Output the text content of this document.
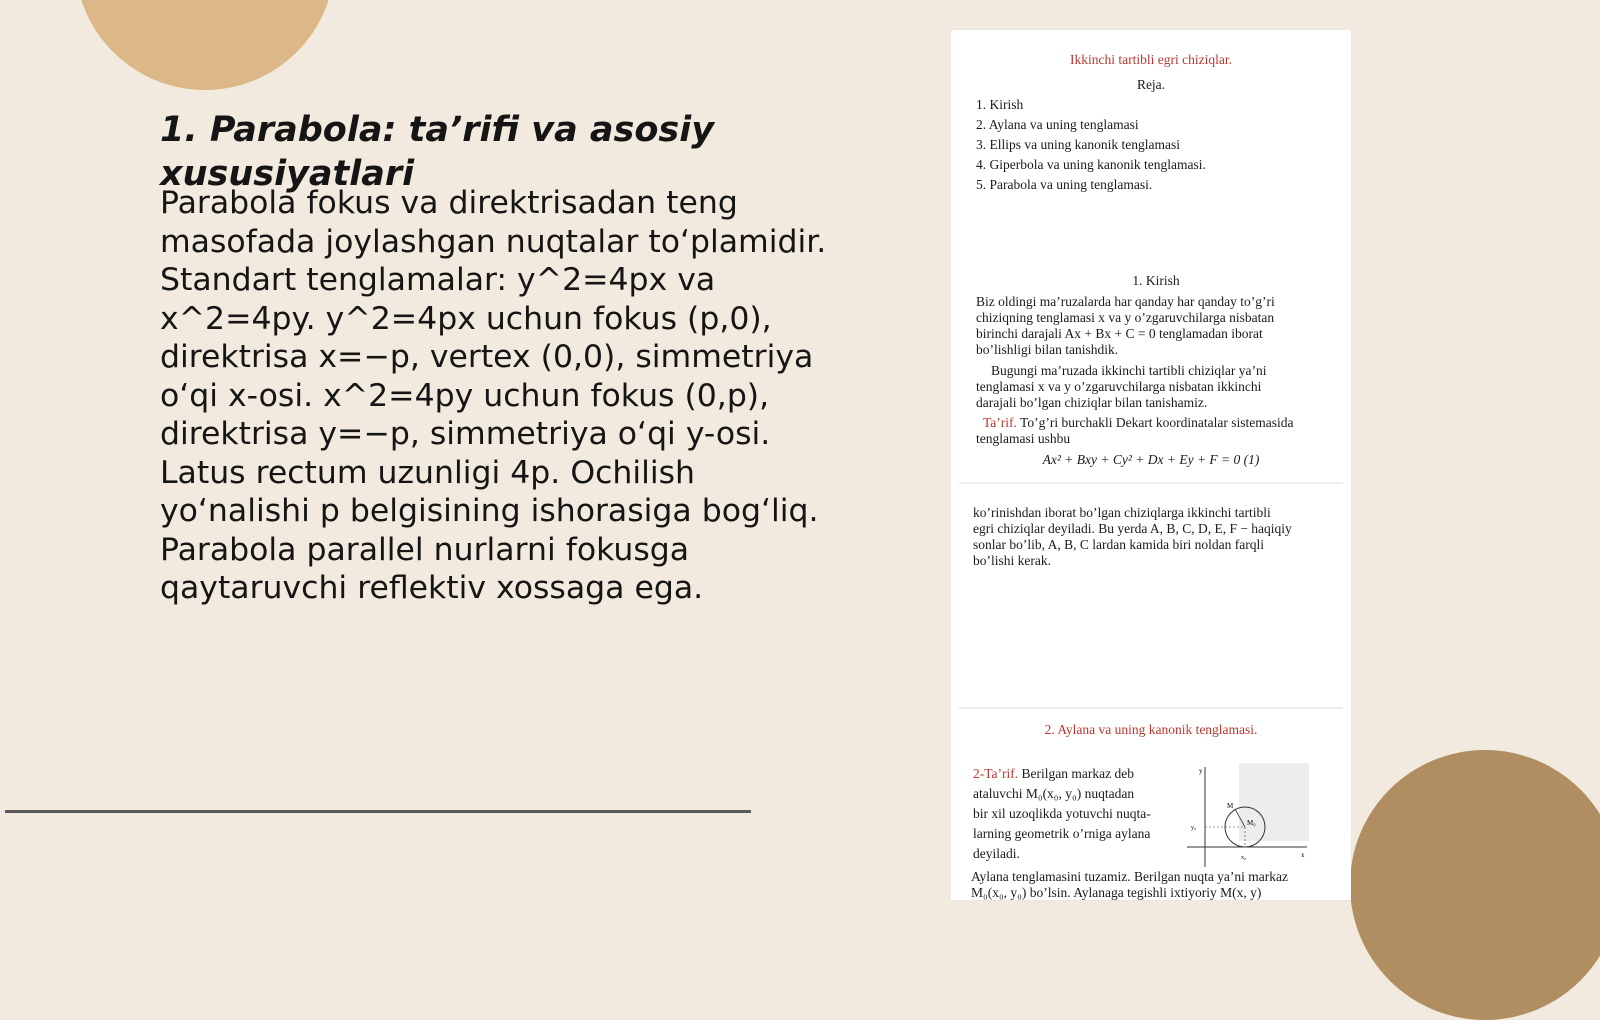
1. Parabola: ta’rifi va asosiy xususiyatlari

Parabola fokus va direktrisadan teng masofada joylashgan nuqtalar to‘plamidir. Standart tenglamalar: y^2=4px va x^2=4py. y^2=4px uchun fokus (p,0), direktrisa x=−p, vertex (0,0), simmetriya o‘qi x-osi. x^2=4py uchun fokus (0,p), direktrisa y=−p, simmetriya o‘qi y-osi. Latus rectum uzunligi 4p. Ochilish yo‘nalishi p belgisining ishorasiga bog‘liq. Parabola parallel nurlarni fokusga qaytaruvchi reflektiv xossaga ega.

Ikkinchi tartibli egri chiziqlar.

Reja.

1. Kirish

2. Aylana va uning tenglamasi

3. Ellips va uning kanonik tenglamasi

4. Giperbola va uning kanonik tenglamasi.

5. Parabola va uning tenglamasi.

1. Kirish

Biz oldingi ma’ruzalarda har qanday har qanday to’g’ri

chiziqning tenglamasi x va y o’zgaruvchilarga nisbatan

birinchi darajali Ax + Bx + C = 0 tenglamadan iborat

bo’lishligi bilan tanishdik.

Bugungi ma’ruzada ikkinchi tartibli chiziqlar ya’ni

tenglamasi x va y o’zgaruvchilarga nisbatan ikkinchi

darajali bo’lgan chiziqlar bilan tanishamiz.

Ta’rif. To’g’ri burchakli Dekart koordinatalar sistemasida

tenglamasi ushbu

Ax² + Bxy + Cy² + Dx + Ey + F = 0 (1)

ko’rinishdan iborat bo’lgan chiziqlarga ikkinchi tartibli

egri chiziqlar deyiladi. Bu yerda A, B, C, D, E, F − haqiqiy

sonlar bo’lib, A, B, C lardan kamida biri noldan farqli

bo’lishi kerak.

2. Aylana va uning kanonik tenglamasi.

2-Ta’rif. Berilgan markaz deb

ataluvchi M₀(x₀, y₀) nuqtadan

bir xil uzoqlikda yotuvchi nuqta-

larning geometrik o’rniga aylana

deyiladi.

y
x
M
M₀
y₀
x₀

Aylana tenglamasini tuzamiz. Berilgan nuqta ya’ni markaz

M₀(x₀, y₀) bo’lsin. Aylanaga tegishli ixtiyoriy M(x, y)
